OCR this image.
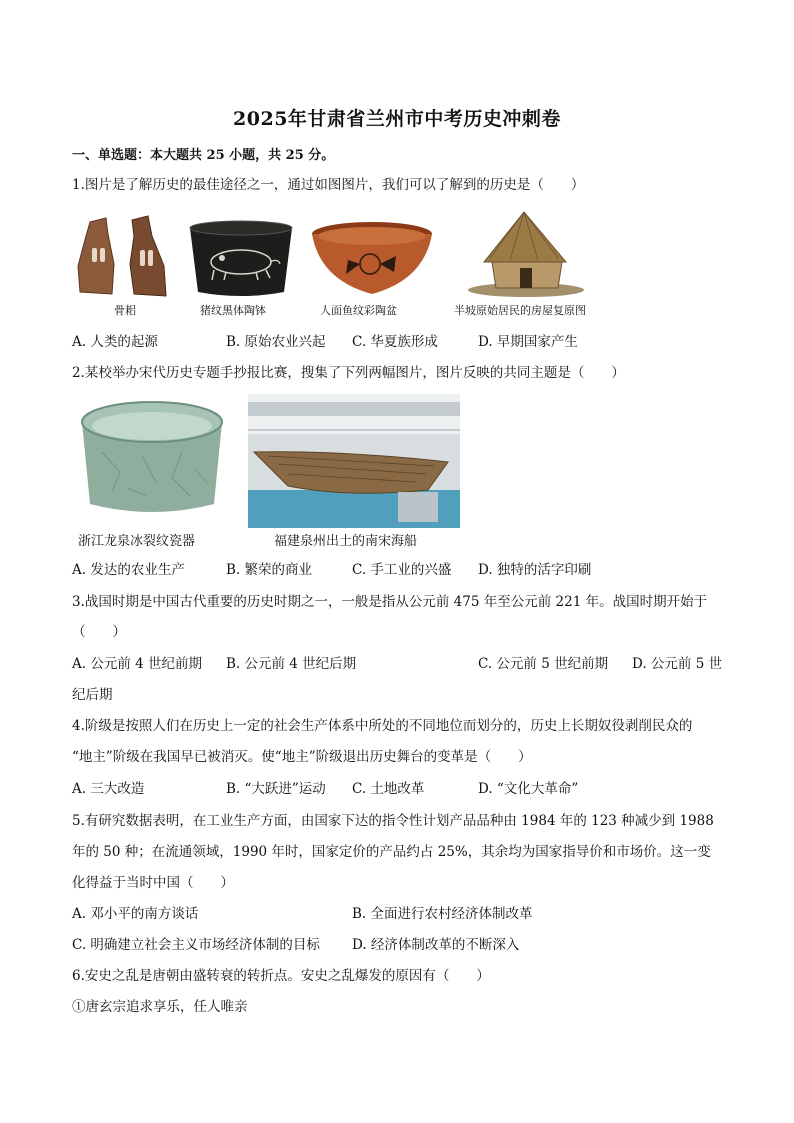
2025年甘肃省兰州市中考历史冲刺卷
一、单选题：本大题共 25 小题，共 25 分。
1.图片是了解历史的最佳途径之一，通过如图图片，我们可以了解到的历史是（　　）
骨耜	猪纹黑体陶钵	人面鱼纹彩陶盆	半坡原始居民的房屋复原图
A. 人类的起源	B. 原始农业兴起 C. 华夏族形成	D. 早期国家产生
2.某校举办宋代历史专题手抄报比赛，搜集了下列两幅图片，图片反映的共同主题是（　　）
浙江龙泉冰裂纹瓷器	福建泉州出土的南宋海船
A. 发达的农业生产	B. 繁荣的商业	C. 手工业的兴盛 D. 独特的活字印刷
3.战国时期是中国古代重要的历史时期之一，一般是指从公元前 475 年至公元前 221 年。战国时期开始于
（　　）
A. 公元前 4 世纪前期 B. 公元前 4 世纪后期	C. 公元前 5 世纪前期 D. 公元前 5 世
纪后期
4.阶级是按照人们在历史上一定的社会生产体系中所处的不同地位而划分的，历史上长期奴役剥削民众的
“地主”阶级在我国早已被消灭。使“地主”阶级退出历史舞台的变革是（　　）
A. 三大改造	B. “大跃进”运动 C. 土地改革	D. “文化大革命”
5.有研究数据表明，在工业生产方面，由国家下达的指令性计划产品品种由 1984 年的 123 种减少到 1988
年的 50 种；在流通领域，1990 年时，国家定价的产品约占 25%，其余均为国家指导价和市场价。这一变
化得益于当时中国（　　）
A. 邓小平的南方谈话	B. 全面进行农村经济体制改革
C. 明确建立社会主义市场经济体制的目标 D. 经济体制改革的不断深入
6.安史之乱是唐朝由盛转衰的转折点。安史之乱爆发的原因有（　　）
①唐玄宗追求享乐，任人唯亲
